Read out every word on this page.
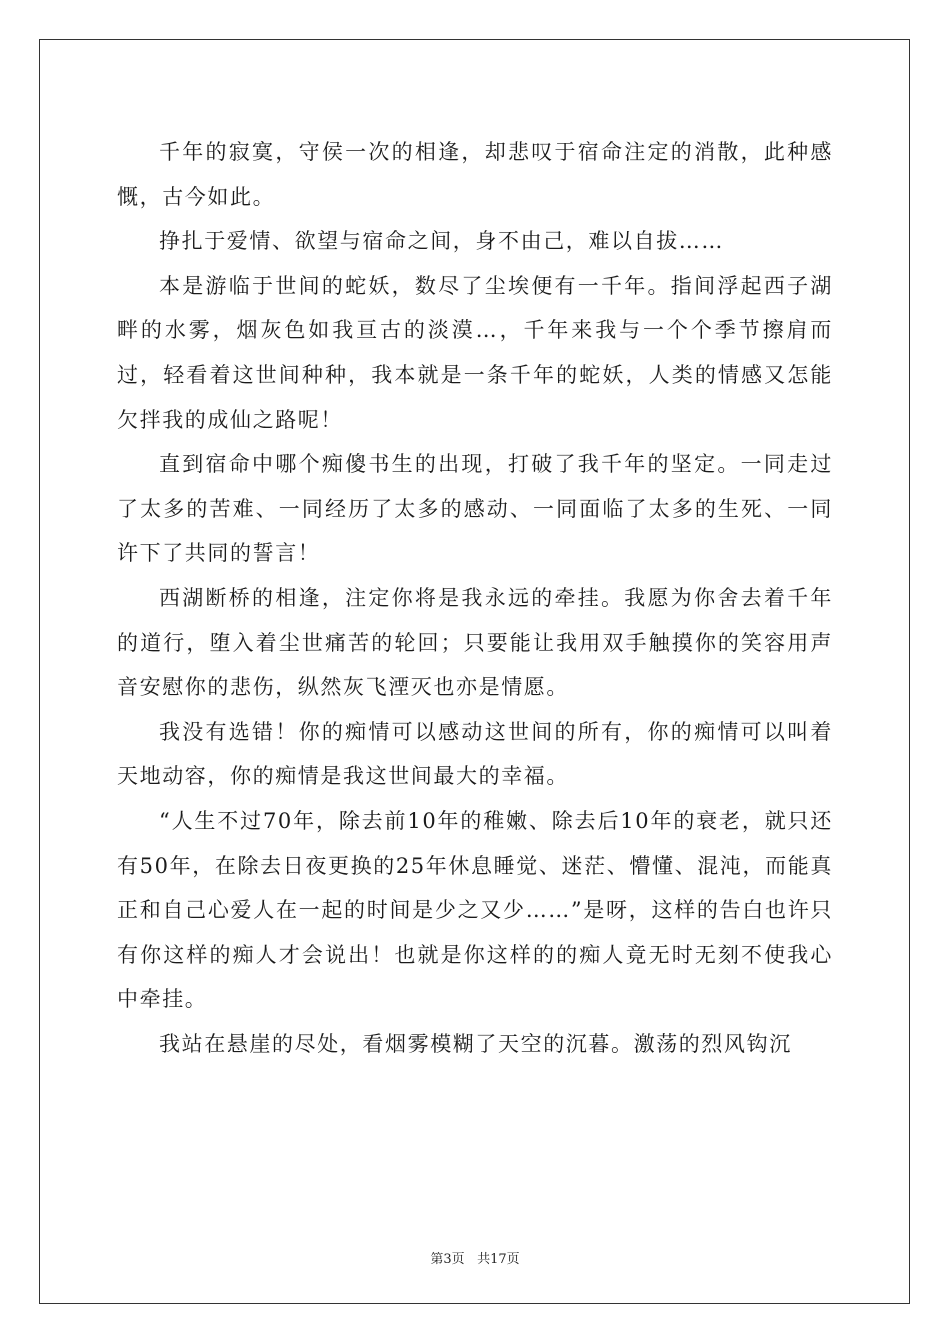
千年的寂寞，守侯一次的相逢，却悲叹于宿命注定的消散，此种感慨，古今如此。

挣扎于爱情、欲望与宿命之间，身不由己，难以自拔……

本是游临于世间的蛇妖，数尽了尘埃便有一千年。指间浮起西子湖畔的水雾，烟灰色如我亘古的淡漠…，千年来我与一个个季节擦肩而过，轻看着这世间种种，我本就是一条千年的蛇妖，人类的情感又怎能欠拌我的成仙之路呢！

直到宿命中哪个痴傻书生的出现，打破了我千年的坚定。一同走过了太多的苦难、一同经历了太多的感动、一同面临了太多的生死、一同许下了共同的誓言！

西湖断桥的相逢，注定你将是我永远的牵挂。我愿为你舍去着千年的道行，堕入着尘世痛苦的轮回；只要能让我用双手触摸你的笑容用声音安慰你的悲伤，纵然灰飞湮灭也亦是情愿。

我没有选错！你的痴情可以感动这世间的所有，你的痴情可以叫着天地动容，你的痴情是我这世间最大的幸福。

“人生不过70年，除去前10年的稚嫩、除去后10年的衰老，就只还有50年，在除去日夜更换的25年休息睡觉、迷茫、懵懂、混沌，而能真正和自己心爱人在一起的时间是少之又少……”是呀，这样的告白也许只有你这样的痴人才会说出！也就是你这样的的痴人竟无时无刻不使我心中牵挂。

我站在悬崖的尽处，看烟雾模糊了天空的沉暮。激荡的烈风钩沉

第3页 共17页
